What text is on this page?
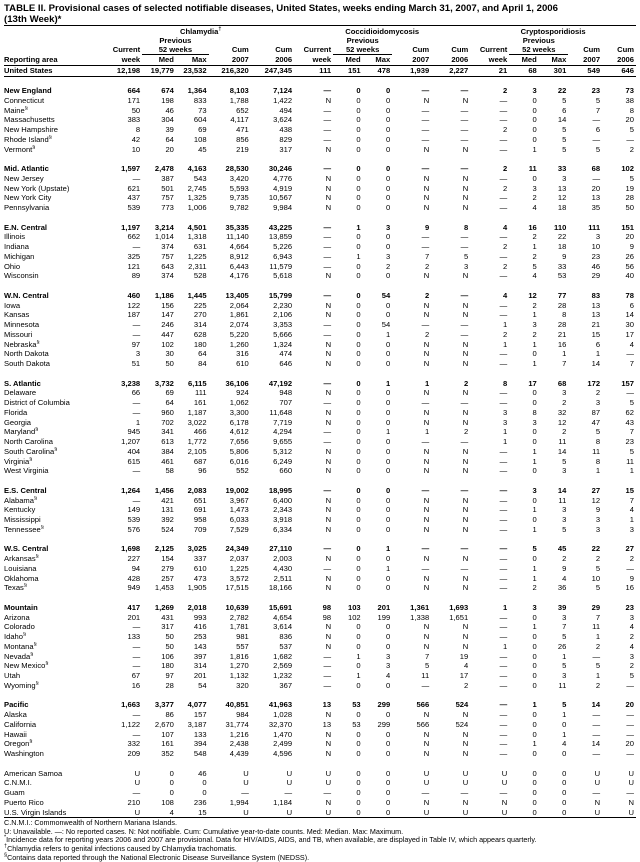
TABLE II. Provisional cases of selected notifiable diseases, United States, weeks ending March 31, 2007, and April 1, 2006
(13th Week)*
	Chlamydia†					Coccidioidomycosis					Cryptosporidiosis				
		Previous					Previous					Previous			
	Current	52 weeks		Cum	Cum	Current	52 weeks		Cum	Cum	Current	52 weeks		Cum	Cum
Reporting area	week	Med	Max	2007	2006	week	Med	Max	2007	2006	week	Med	Max	2007	2006
United States	12,198	19,779	23,532	216,320	247,345	111	151	478	1,939	2,227	21	68	301	549	646

New England	664	674	1,364	8,103	7,124	—	0	0	—	—	2	3	22	23	73
Connecticut	171	198	833	1,788	1,422	N	0	0	N	N	—	0	5	5	38
Maine§	50	46	73	652	494	—	0	0	—	—	—	0	6	7	8
Massachusetts	383	304	604	4,117	3,624	—	0	0	—	—	—	0	14	—	20
New Hampshire	8	39	69	471	438	—	0	0	—	—	2	0	5	6	5
Rhode Island§	42	64	108	856	829	—	0	0	—	—	—	0	5	—	—
Vermont§	10	20	45	219	317	N	0	0	N	N	—	1	5	5	2

Mid. Atlantic	1,597	2,478	4,163	28,530	30,246	—	0	0	—	—	2	11	33	68	102
New Jersey	—	387	543	3,420	4,776	N	0	0	N	N	—	0	3	—	5
New York (Upstate)	621	501	2,745	5,593	4,919	N	0	0	N	N	2	3	13	20	19
New York City	437	757	1,325	9,735	10,567	N	0	0	N	N	—	2	12	13	28
Pennsylvania	539	773	1,006	9,782	9,984	N	0	0	N	N	—	4	18	35	50

E.N. Central	1,197	3,214	4,501	35,335	43,225	—	1	3	9	8	4	16	110	111	151
Illinois	662	1,014	1,318	11,140	13,859	—	0	0	—	—	—	2	22	3	20
Indiana	—	374	631	4,664	5,226	—	0	0	—	—	2	1	18	10	9
Michigan	325	757	1,225	8,912	6,943	—	1	3	7	5	—	2	9	23	26
Ohio	121	643	2,311	6,443	11,579	—	0	2	2	3	2	5	33	46	56
Wisconsin	89	374	528	4,176	5,618	N	0	0	N	N	—	4	53	29	40

W.N. Central	460	1,186	1,445	13,405	15,799	—	0	54	2	—	4	12	77	83	78
Iowa	122	156	225	2,064	2,230	N	0	0	N	N	—	2	28	13	6
Kansas	187	147	270	1,861	2,106	N	0	0	N	N	—	1	8	13	14
Minnesota	—	246	314	2,074	3,353	—	0	54	—	—	1	3	28	21	30
Missouri	—	447	628	5,220	5,666	—	0	1	2	—	2	2	21	15	17
Nebraska§	97	102	180	1,260	1,324	N	0	0	N	N	1	1	16	6	4
North Dakota	3	30	64	316	474	N	0	0	N	N	—	0	1	1	—
South Dakota	51	50	84	610	646	N	0	0	N	N	—	1	7	14	7

S. Atlantic	3,238	3,732	6,115	36,106	47,192	—	0	1	1	2	8	17	68	172	157
Delaware	66	69	111	924	948	N	0	0	N	N	—	0	3	2	—
District of Columbia	—	64	161	1,062	707	—	0	0	—	—	—	0	2	3	5
Florida	—	960	1,187	3,300	11,648	N	0	0	N	N	3	8	32	87	62
Georgia	1	702	3,022	6,178	7,719	N	0	0	N	N	3	3	12	47	43
Maryland§	945	341	466	4,612	4,294	—	0	1	1	2	1	0	2	5	7
North Carolina	1,207	613	1,772	7,656	9,655	—	0	0	—	—	1	0	11	8	23
South Carolina§	404	384	2,105	5,806	5,312	N	0	0	N	N	—	1	14	11	5
Virginia§	615	461	687	6,016	6,249	N	0	0	N	N	—	1	5	8	11
West Virginia	—	58	96	552	660	N	0	0	N	N	—	0	3	1	1

E.S. Central	1,264	1,456	2,083	19,002	18,995	—	0	0	—	—	—	3	14	27	15
Alabama§	—	421	651	3,967	6,400	N	0	0	N	N	—	0	11	12	7
Kentucky	149	131	691	1,473	2,343	N	0	0	N	N	—	1	3	9	4
Mississippi	539	392	958	6,033	3,918	N	0	0	N	N	—	0	3	3	1
Tennessee§	576	524	709	7,529	6,334	N	0	0	N	N	—	1	5	3	3

W.S. Central	1,698	2,125	3,025	24,349	27,110	—	0	1	—	—	—	5	45	22	27
Arkansas§	227	154	337	2,037	2,003	N	0	0	N	N	—	0	2	2	2
Louisiana	94	279	610	1,225	4,430	—	0	1	—	—	—	1	9	5	—
Oklahoma	428	257	473	3,572	2,511	N	0	0	N	N	—	1	4	10	9
Texas§	949	1,453	1,905	17,515	18,166	N	0	0	N	N	—	2	36	5	16

Mountain	417	1,269	2,018	10,639	15,691	98	103	201	1,361	1,693	1	3	39	29	23
Arizona	201	431	993	2,782	4,654	98	102	199	1,338	1,651	—	0	3	7	3
Colorado	—	317	416	1,781	3,614	N	0	0	N	N	—	1	7	11	4
Idaho§	133	50	253	981	836	N	0	0	N	N	—	0	5	1	2
Montana§	—	50	143	557	537	N	0	0	N	N	1	0	26	2	4
Nevada§	—	106	397	1,816	1,682	—	1	3	7	19	—	0	1	—	3
New Mexico§	—	180	314	1,270	2,569	—	0	3	5	4	—	0	5	5	2
Utah	67	97	201	1,132	1,232	—	1	4	11	17	—	0	3	1	5
Wyoming§	16	28	54	320	367	—	0	0	—	2	—	0	11	2	—

Pacific	1,663	3,377	4,077	40,851	41,963	13	53	299	566	524	—	1	5	14	20
Alaska	—	86	157	984	1,028	N	0	0	N	N	—	0	1	—	—
California	1,122	2,670	3,187	31,774	32,370	13	53	299	566	524	—	0	0	—	—
Hawaii	—	107	133	1,216	1,470	N	0	0	N	N	—	0	1	—	—
Oregon§	332	161	394	2,438	2,499	N	0	0	N	N	—	1	4	14	20
Washington	209	352	548	4,439	4,596	N	0	0	N	N	—	0	0	—	—

American Samoa	U	0	46	U	U	U	0	0	U	U	U	0	0	U	U
C.N.M.I.	U	0	0	U	U	U	0	0	U	U	U	0	0	U	U
Guam	—	0	0	—	—	—	0	0	—	—	—	0	0	—	—
Puerto Rico	210	108	236	1,994	1,184	N	0	0	N	N	N	0	0	N	N
U.S. Virgin Islands	U	4	15	U	U	U	0	0	U	U	U	0	0	U	U
C.N.M.I.: Commonwealth of Northern Mariana Islands.
U: Unavailable. —: No reported cases. N: Not notifiable. Cum: Cumulative year-to-date counts. Med: Median. Max: Maximum.
*Incidence data for reporting years 2006 and 2007 are provisional. Data for HIV/AIDS, AIDS, and TB, when available, are displayed in Table IV, which appears quarterly.
†Chlamydia refers to genital infections caused by Chlamydia trachomatis.
§Contains data reported through the National Electronic Disease Surveillance System (NEDSS).
